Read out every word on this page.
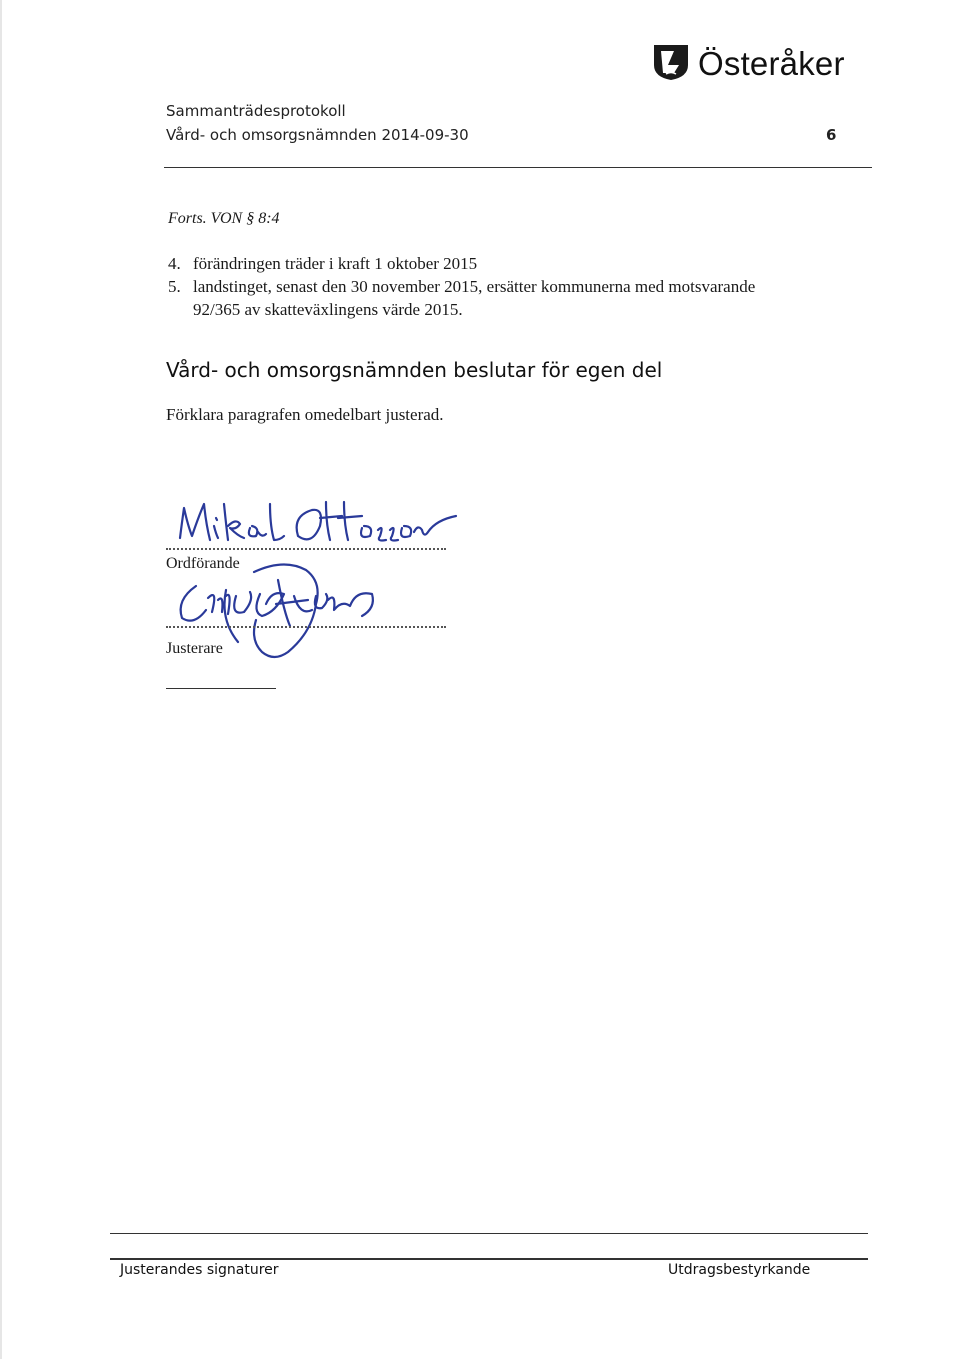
Österåker
Sammanträdesprotokoll
Vård- och omsorgsnämnden 2014-09-30	6
Forts. VON § 8:4
4. förändringen träder i kraft 1 oktober 2015
5. landstinget, senast den 30 november 2015, ersätter kommunerna med motsvarande
92/365 av skatteväxlingens värde 2015.
Vård- och omsorgsnämnden beslutar för egen del
Förklara paragrafen omedelbart justerad.
Ordförande
Justerare
Justerandes signaturer	Utdragsbestyrkande
